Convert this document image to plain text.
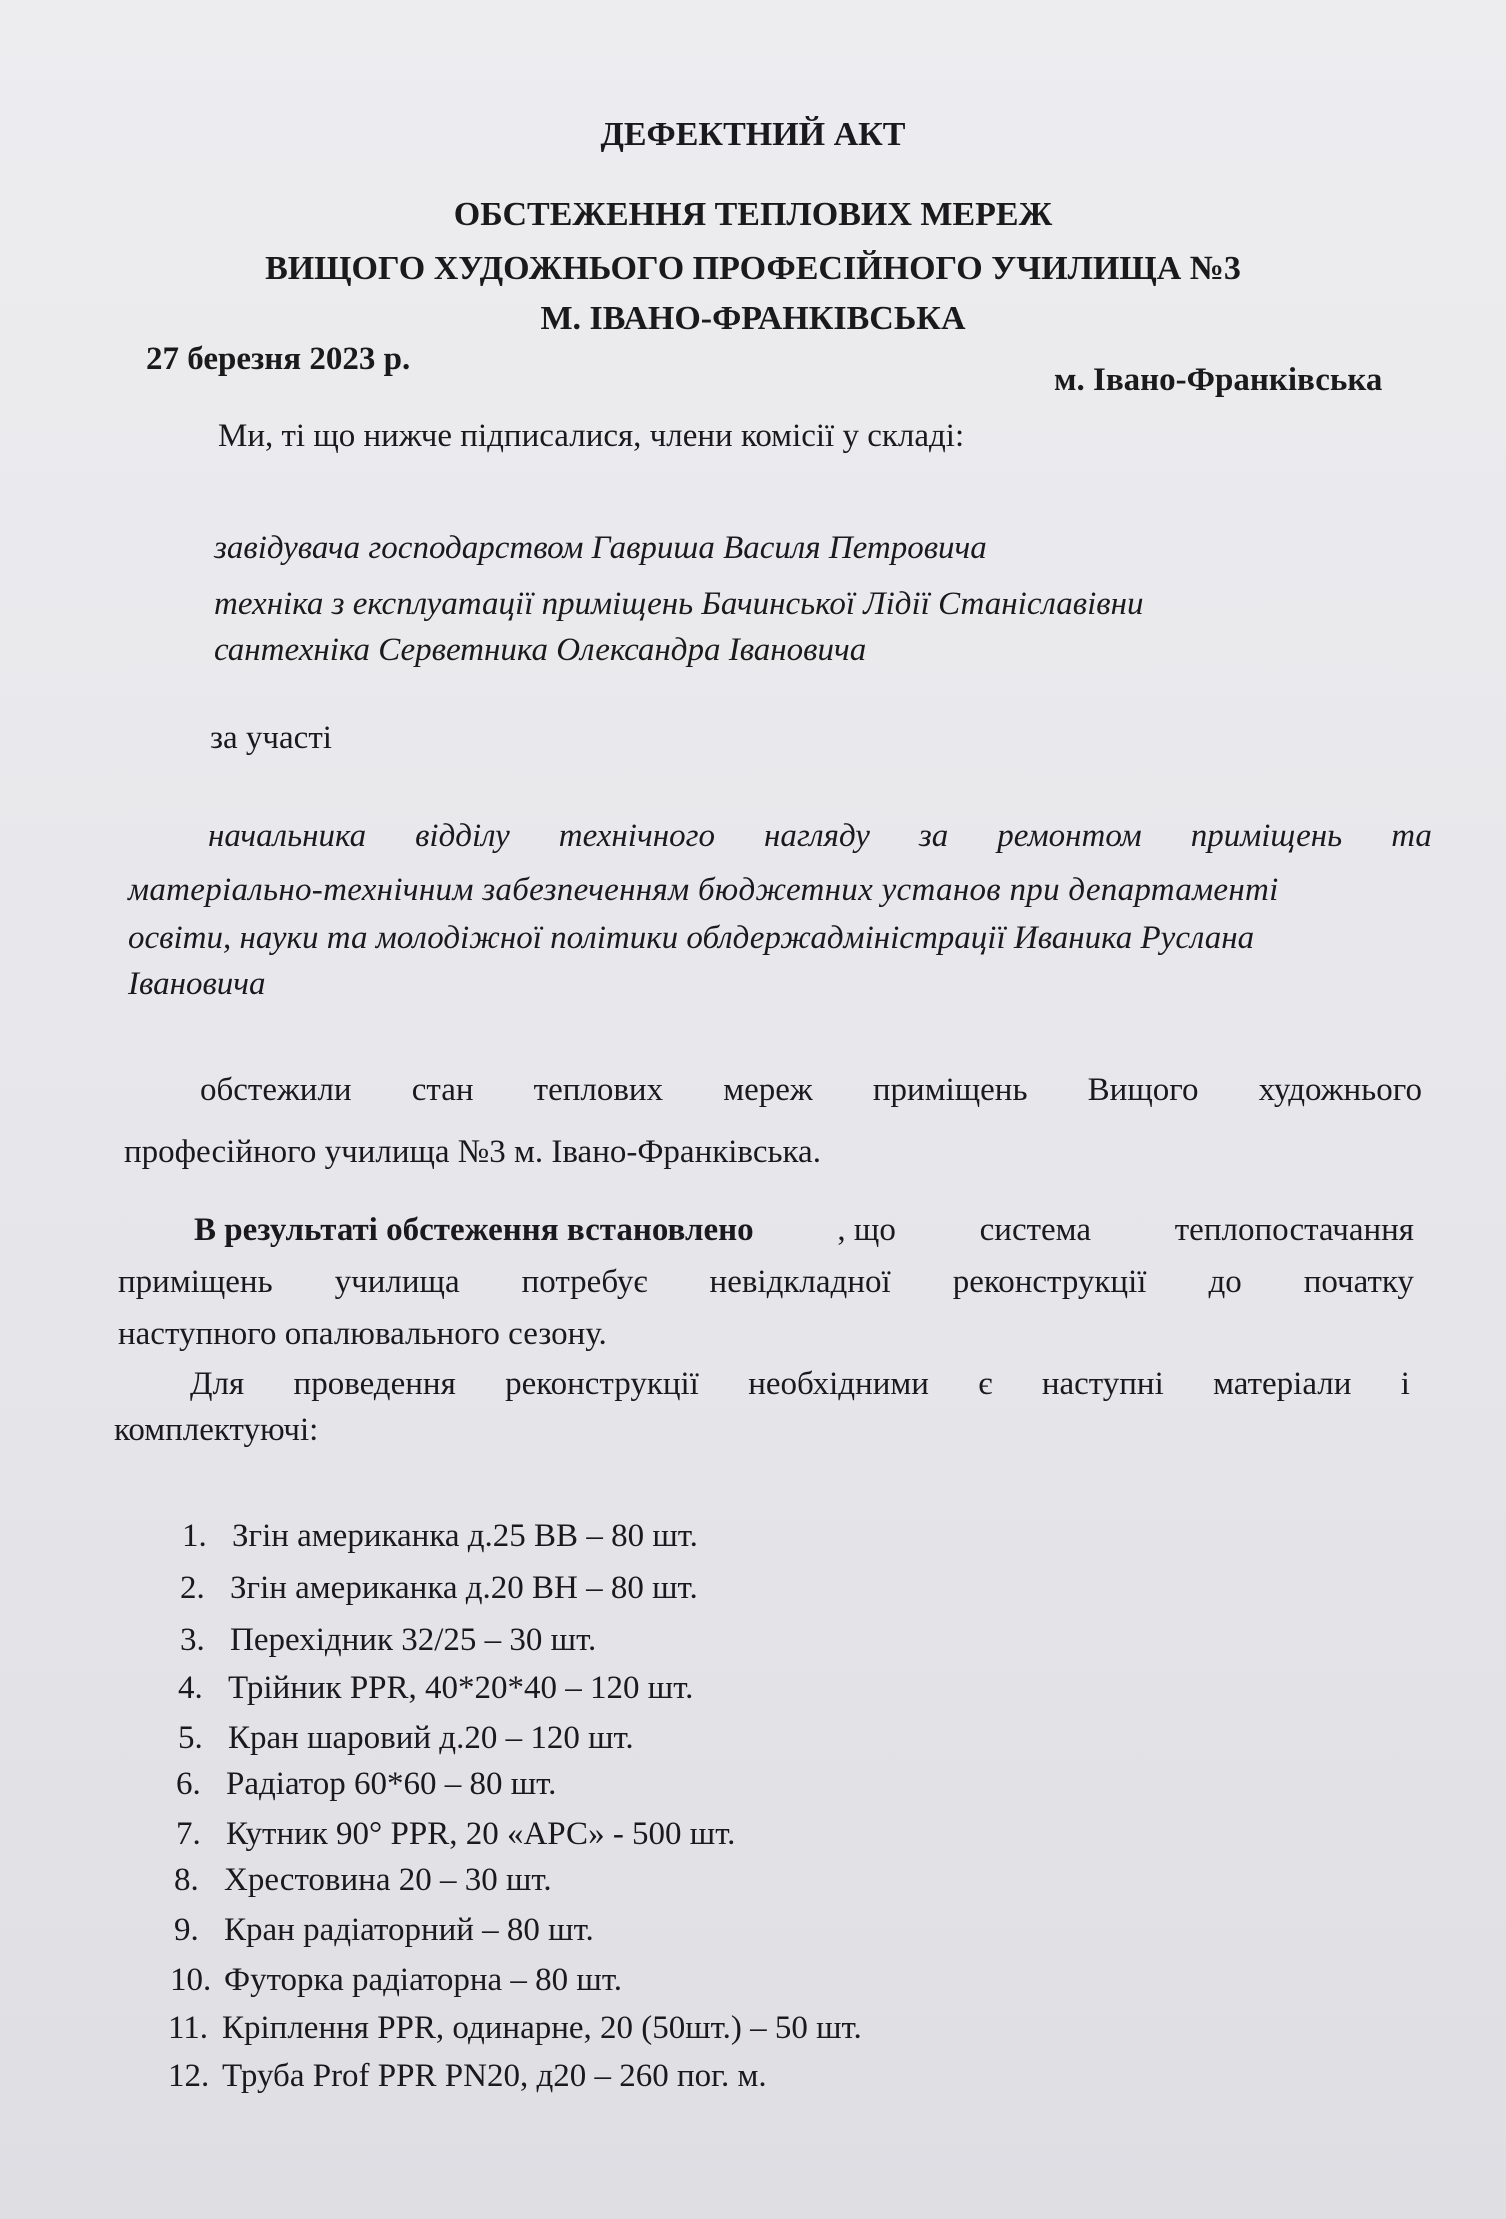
ДЕФЕКТНИЙ АКТ
ОБСТЕЖЕННЯ ТЕПЛОВИХ МЕРЕЖ
ВИЩОГО ХУДОЖНЬОГО ПРОФЕСІЙНОГО УЧИЛИЩА №3
М. ІВАНО-ФРАНКІВСЬКА
27 березня 2023 р.
м. Івано-Франківська
Ми, ті що нижче підписалися, члени комісії у складі:
завідувача господарством Гавриша Василя Петровича
техніка з експлуатації приміщень Бачинської Лідії Станіславівни
сантехніка Серветника Олександра Івановича
за участі
начальника відділу технічного нагляду за ремонтом приміщень та
матеріально-технічним забезпеченням бюджетних установ при департаменті
освіти, науки та молодіжної політики облдержадміністрації Иваника Руслана
Івановича
обстежили стан теплових мереж приміщень Вищого художнього
професійного училища №3 м. Івано-Франківська.
В результаті обстеження встановлено	, що	система	теплопостачання
приміщень училища потребує невідкладної реконструкції до початку
наступного опалювального сезону.
Для проведення реконструкції необхідними є наступні матеріали і
комплектуючі:
1. Згін американка д.25 ВВ – 80 шт.
2. Згін американка д.20 ВН – 80 шт.
3. Перехідник 32/25 – 30 шт.
4. Трійник PPR, 40*20*40 – 120 шт.
5. Кран шаровий д.20 – 120 шт.
6. Радіатор 60*60 – 80 шт.
7. Кутник 90° PPR, 20 «АРС» - 500 шт.
8. Хрестовина 20 – 30 шт.
9. Кран радіаторний – 80 шт.
10. Футорка радіаторна – 80 шт.
11. Кріплення PPR, одинарне, 20 (50шт.) – 50 шт.
12. Труба Prof PPR PN20, д20 – 260 пог. м.
